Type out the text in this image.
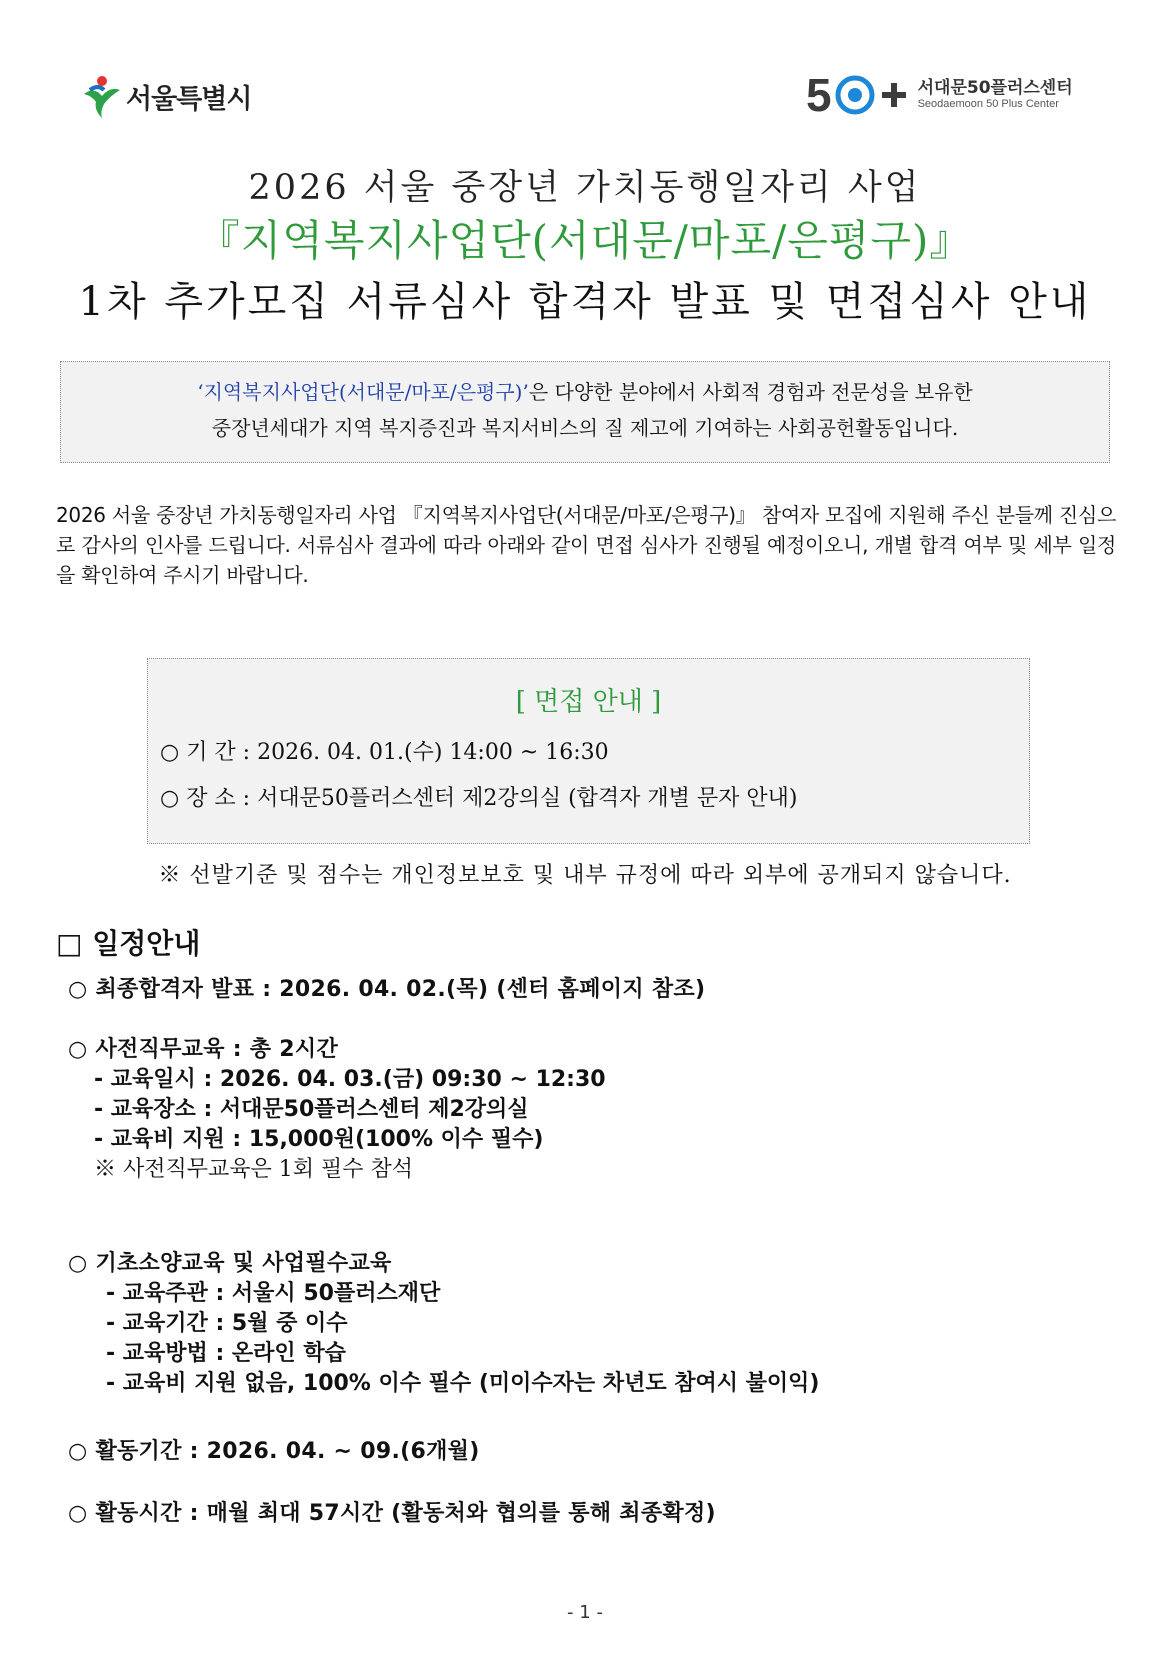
서울특별시	5	서대문50플러스센터
Seodaemoon 50 Plus Center
2026 서울 중장년 가치동행일자리 사업
『지역복지사업단(서대문/마포/은평구)』
1차 추가모집 서류심사 합격자 발표 및 면접심사 안내
‘지역복지사업단(서대문/마포/은평구)’은 다양한 분야에서 사회적 경험과 전문성을 보유한
중장년세대가 지역 복지증진과 복지서비스의 질 제고에 기여하는 사회공헌활동입니다.
2026 서울 중장년 가치동행일자리 사업 『지역복지사업단(서대문/마포/은평구)』 참여자 모집에 지원해 주신 분들께 진심으로 감사의 인사를 드립니다. 서류심사 결과에 따라 아래와 같이 면접 심사가 진행될 예정이오니, 개별 합격 여부 및 세부 일정을 확인하여 주시기 바랍니다.
[ 면접 안내 ]
○ 기 간 : 2026. 04. 01.(수) 14:00 ~ 16:30
○ 장 소 : 서대문50플러스센터 제2강의실 (합격자 개별 문자 안내)
※ 선발기준 및 점수는 개인정보보호 및 내부 규정에 따라 외부에 공개되지 않습니다.
□ 일정안내
○ 최종합격자 발표 : 2026. 04. 02.(목) (센터 홈페이지 참조)
○ 사전직무교육 : 총 2시간
- 교육일시 : 2026. 04. 03.(금) 09:30 ~ 12:30
- 교육장소 : 서대문50플러스센터 제2강의실
- 교육비 지원 : 15,000원(100% 이수 필수)
※ 사전직무교육은 1회 필수 참석
○ 기초소양교육 및 사업필수교육
- 교육주관 : 서울시 50플러스재단
- 교육기간 : 5월 중 이수
- 교육방법 : 온라인 학습
- 교육비 지원 없음, 100% 이수 필수 (미이수자는 차년도 참여시 불이익)
○ 활동기간 : 2026. 04. ~ 09.(6개월)
○ 활동시간 : 매월 최대 57시간 (활동처와 협의를 통해 최종확정)
- 1 -
